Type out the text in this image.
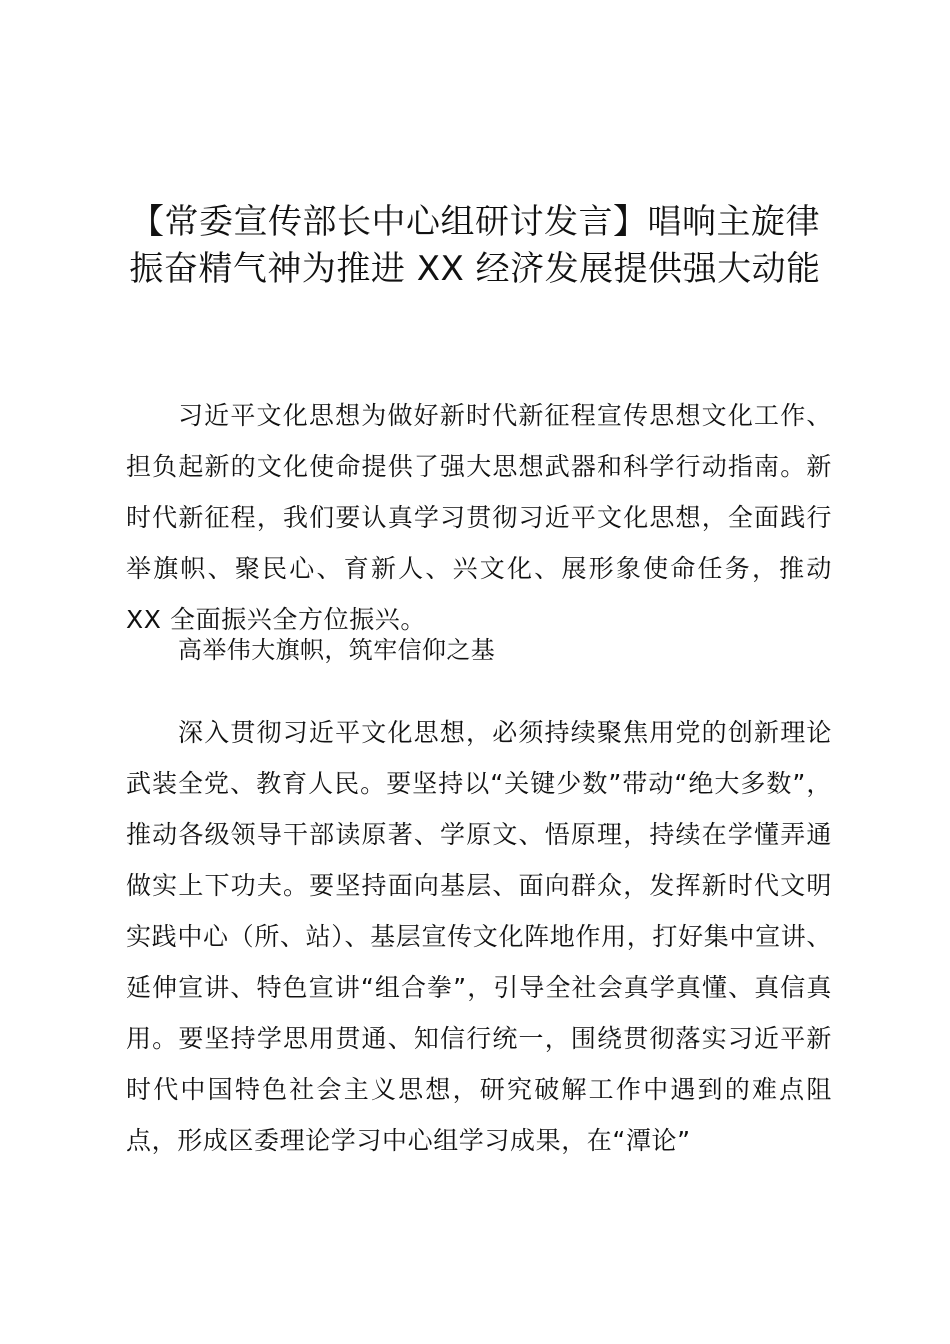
【常委宣传部长中心组研讨发言】唱响主旋律
振奋精气神为推进 XX 经济发展提供强大动能

习近平文化思想为做好新时代新征程宣传思想文化工作、担负起新的文化使命提供了强大思想武器和科学行动指南。新时代新征程，我们要认真学习贯彻习近平文化思想，全面践行举旗帜、聚民心、育新人、兴文化、展形象使命任务，推动 XX 全面振兴全方位振兴。

高举伟大旗帜，筑牢信仰之基

深入贯彻习近平文化思想，必须持续聚焦用党的创新理论武装全党、教育人民。要坚持以“关键少数”带动“绝大多数”，推动各级领导干部读原著、学原文、悟原理，持续在学懂弄通做实上下功夫。要坚持面向基层、面向群众，发挥新时代文明实践中心（所、站）、基层宣传文化阵地作用，打好集中宣讲、延伸宣讲、特色宣讲“组合拳”，引导全社会真学真懂、真信真用。要坚持学思用贯通、知信行统一，围绕贯彻落实习近平新时代中国特色社会主义思想，研究破解工作中遇到的难点阻点，形成区委理论学习中心组学习成果，在“潭论”
